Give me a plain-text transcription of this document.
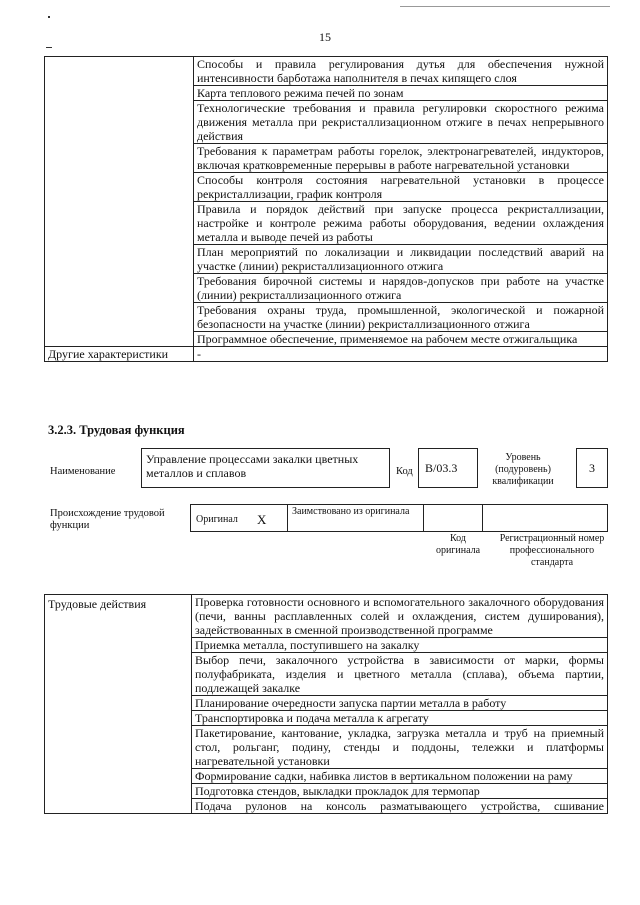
15
	Способы и правила регулирования дутья для обеспечения нужной интенсивности барботажа наполнителя в печах кипящего слоя
	Карта теплового режима печей по зонам
	Технологические требования и правила регулировки скоростного режима движения металла при рекристаллизационном отжиге в печах непрерывного действия
	Требования к параметрам работы горелок, электронагревателей, индукторов, включая кратковременные перерывы в работе нагревательной установки
	Способы контроля состояния нагревательной установки в процессе рекристаллизации, график контроля
	Правила и порядок действий при запуске процесса рекристаллизации, настройке и контроле режима работы оборудования, ведении охлаждения металла и выводе печей из работы
	План мероприятий по локализации и ликвидации последствий аварий на участке (линии) рекристаллизационного отжига
	Требования бирочной системы и нарядов-допусков при работе на участке (линии) рекристаллизационного отжига
	Требования охраны труда, промышленной, экологической и пожарной безопасности на участке (линии) рекристаллизационного отжига
	Программное обеспечение, применяемое на рабочем месте отжигальщика
Другие характеристики	-
3.2.3. Трудовая функция
Наименование
Управление процессами закалки цветных металлов и сплавов	Код	B/03.3
Уровень (подуровень) квалификации
3
Происхождение трудовой функции
Оригинал X
Заимствовано из оригинала
Код оригинала
Регистрационный номер профессионального стандарта
Трудовые действия	Проверка готовности основного и вспомогательного закалочного оборудования (печи, ванны расплавленных солей и охлаждения, систем душирования), задействованных в сменной производственной программе
Приемка металла, поступившего на закалку
Выбор печи, закалочного устройства в зависимости от марки, формы полуфабриката, изделия и цветного металла (сплава), объема партии, подлежащей закалке
Планирование очередности запуска партии металла в работу
Транспортировка и подача металла к агрегату
Пакетирование, кантование, укладка, загрузка металла и труб на приемный стол, рольганг, подину, стенды и поддоны, тележки и платформы нагревательной установки
Формирование садки, набивка листов в вертикальном положении на раму
Подготовка стендов, выкладки прокладок для термопар
Подача рулонов на консоль разматывающего устройства, сшивание
